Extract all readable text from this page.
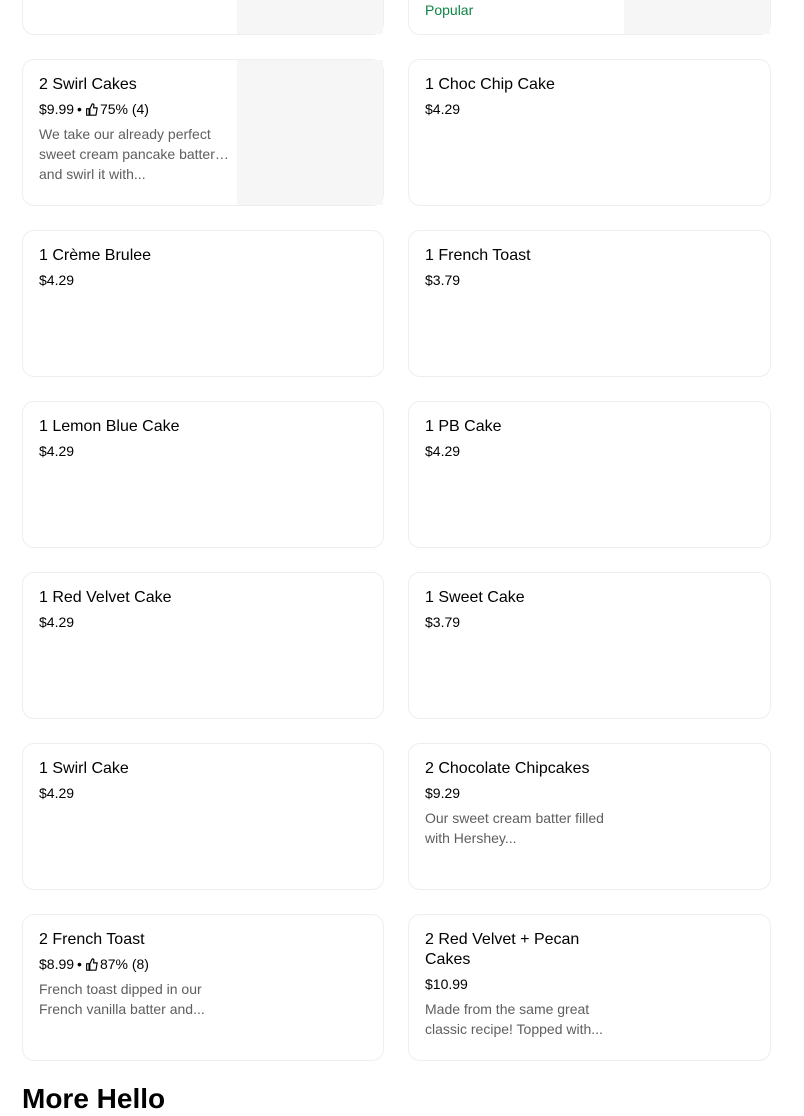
Popular
2 Swirl Cakes
$9.99 • 75% (4)
We take our already perfect sweet cream pancake batter and swirl it with...
1 Choc Chip Cake
$4.29
1 Crème Brulee
$4.29
1 French Toast
$3.79
1 Lemon Blue Cake
$4.29
1 PB Cake
$4.29
1 Red Velvet Cake
$4.29
1 Sweet Cake
$3.79
1 Swirl Cake
$4.29
2 Chocolate Chipcakes
$9.29
Our sweet cream batter filled with Hershey...
2 French Toast
$8.99 • 87% (8)
French toast dipped in our French vanilla batter and...
2 Red Velvet + Pecan Cakes
$10.99
Made from the same great classic recipe! Topped with...
More Hello
